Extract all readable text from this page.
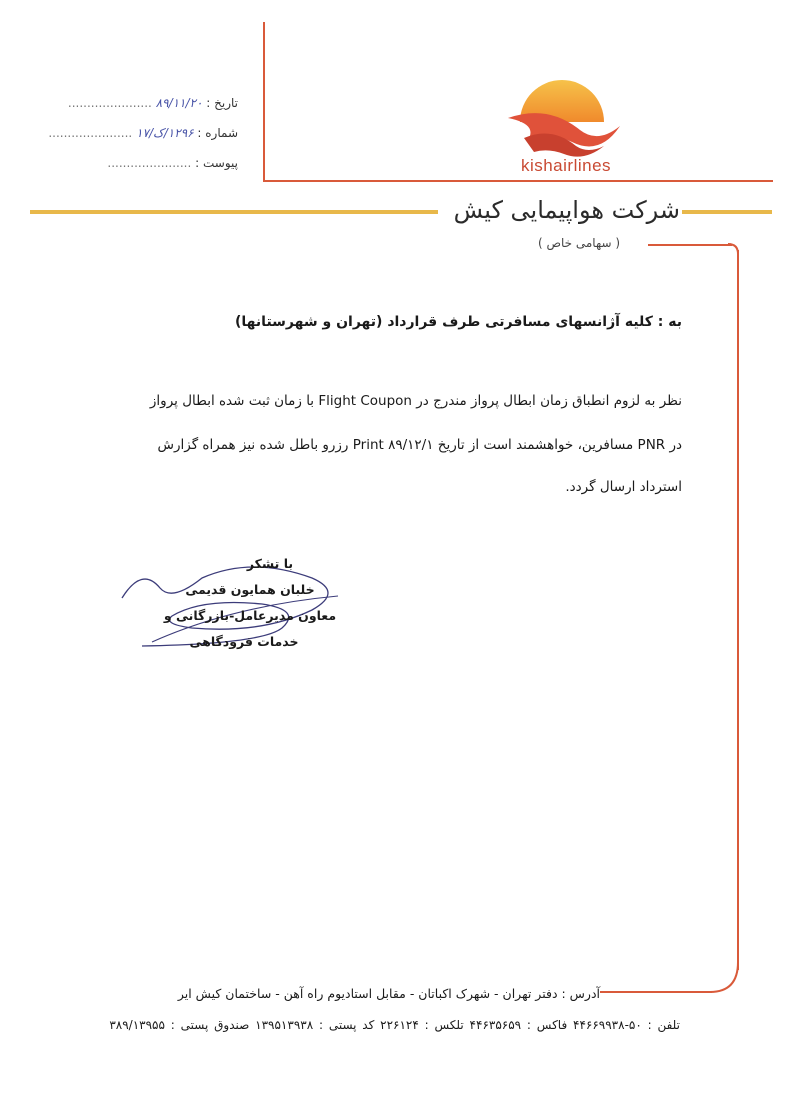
kishairlines
تاریخ : ۸۹/۱۱/۲۰ ......................
شماره : ۱۲۹۶/ک/۱۷ ......................
پیوست : ......................
شرکت هواپیمایی کیش
( سهامی خاص )
به : کلیه آژانسهای مسافرتی طرف قرارداد (تهران و شهرستانها)
نظر به لزوم انطباق زمان ابطال پرواز مندرج در Flight Coupon با زمان ثبت شده ابطال پرواز
در PNR مسافرین، خواهشمند است از تاریخ ۸۹/۱۲/۱ Print رزرو باطل شده نیز همراه گزارش
استرداد ارسال گردد.
با تشکر
خلبان همایون قدیمی
معاون مدیرعامل-بازرگانی و
خدمات فرودگاهی
آدرس : دفتر تهران - شهرک اکباتان - مقابل استادیوم راه آهن - ساختمان کیش ایر
تلفن : ۵۰-۴۴۶۶۹۹۳۸ فاکس : ۴۴۶۳۵۶۵۹ تلکس : ۲۲۶۱۲۴ کد پستی : ۱۳۹۵۱۳۹۳۸ صندوق پستی : ۳۸۹/۱۳۹۵۵
